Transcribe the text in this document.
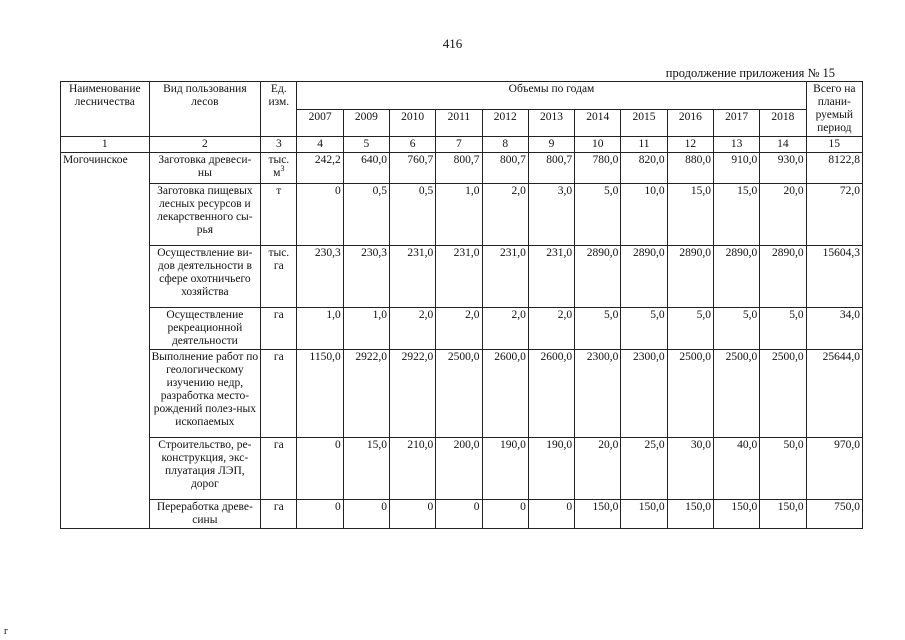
416
продолжение приложения № 15
Наименование лесничества	Вид пользования лесов	Ед. изм.	Объемы по годам											Всего на плани-руемый период
			2007	2009	2010	2011	2012	2013	2014	2015	2016	2017	2018	
1	2	3	4	5	6	7	8	9	10	11	12	13	14	15
Могочинское	Заготовка древеси-ны	тыс. $м^3$	242,2	640,0	760,7	800,7	800,7	800,7	780,0	820,0	880,0	910,0	930,0	8122,8
	Заготовка пищевых лесных ресурсов и лекарственного сы-рья	т	0	0,5	0,5	1,0	2,0	3,0	5,0	10,0	15,0	15,0	20,0	72,0
	Осуществление ви-дов деятельности в сфере охотничьего хозяйства	тыс. га	230,3	230,3	231,0	231,0	231,0	231,0	2890,0	2890,0	2890,0	2890,0	2890,0	15604,3
	Осуществление рекреационной деятельности	га	1,0	1,0	2,0	2,0	2,0	2,0	5,0	5,0	5,0	5,0	5,0	34,0
	Выполнение работ по геологическому изучению недр, разработка место-рождений полез-ных ископаемых	га	1150,0	2922,0	2922,0	2500,0	2600,0	2600,0	2300,0	2300,0	2500,0	2500,0	2500,0	25644,0
	Строительство, ре-конструкция, экс-плуатация ЛЭП, дорог	га	0	15,0	210,0	200,0	190,0	190,0	20,0	25,0	30,0	40,0	50,0	970,0
	Переработка древе-сины	га	0	0	0	0	0	0	150,0	150,0	150,0	150,0	150,0	750,0
г
